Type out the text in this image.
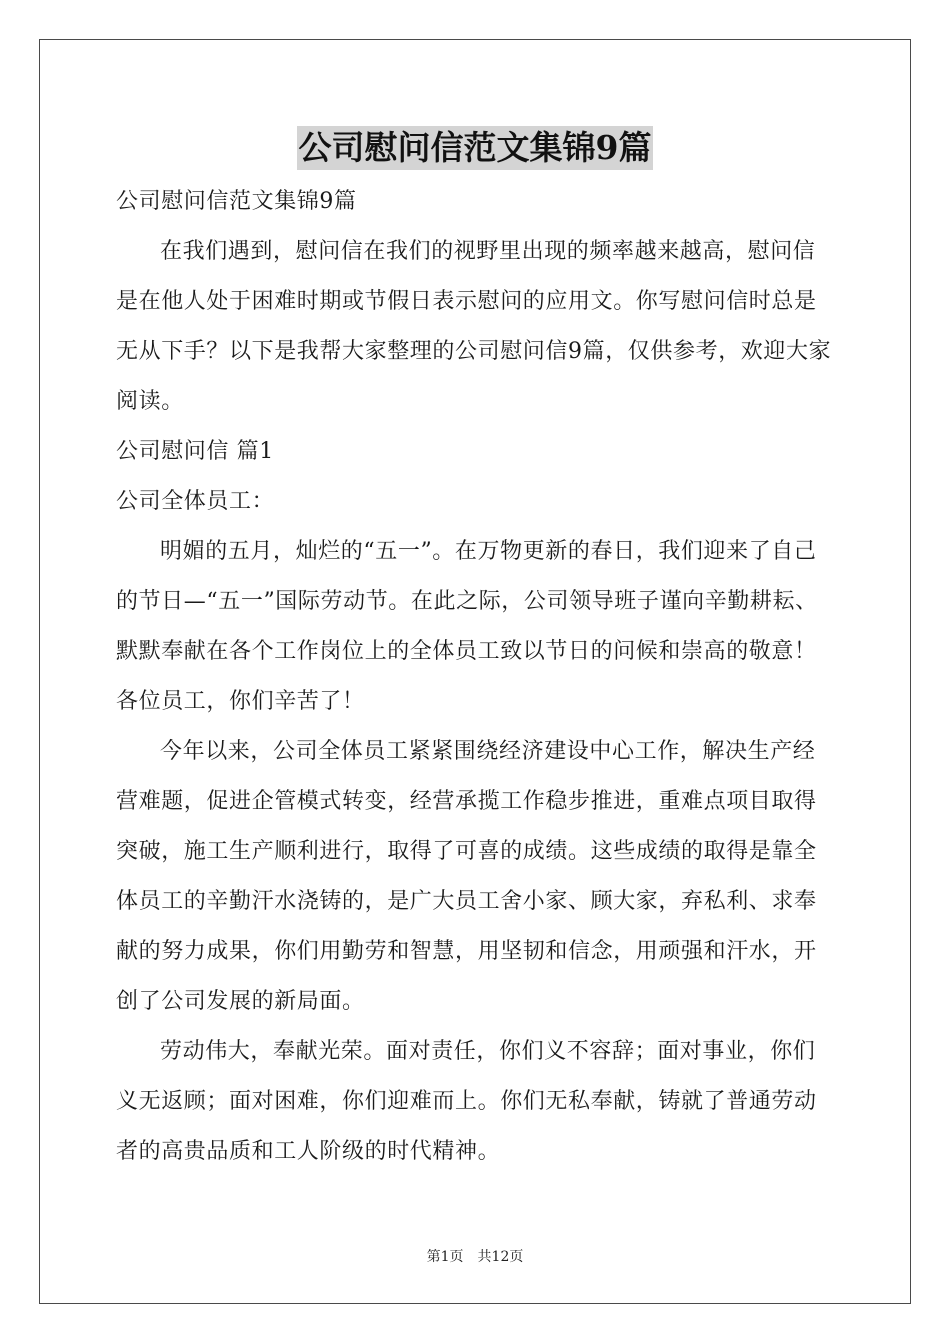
公司慰问信范文集锦9篇

公司慰问信范文集锦9篇

在我们遇到，慰问信在我们的视野里出现的频率越来越高，慰问信是在他人处于困难时期或节假日表示慰问的应用文。你写慰问信时总是无从下手？以下是我帮大家整理的公司慰问信9篇，仅供参考，欢迎大家阅读。

公司慰问信 篇1

公司全体员工：

明媚的五月，灿烂的“五一”。在万物更新的春日，我们迎来了自己的节日—“五一”国际劳动节。在此之际，公司领导班子谨向辛勤耕耘、默默奉献在各个工作岗位上的全体员工致以节日的问候和崇高的敬意！各位员工，你们辛苦了！

今年以来，公司全体员工紧紧围绕经济建设中心工作，解决生产经营难题，促进企管模式转变，经营承揽工作稳步推进，重难点项目取得突破，施工生产顺利进行，取得了可喜的成绩。这些成绩的取得是靠全体员工的辛勤汗水浇铸的，是广大员工舍小家、顾大家，弃私利、求奉献的努力成果，你们用勤劳和智慧，用坚韧和信念，用顽强和汗水，开创了公司发展的新局面。

劳动伟大，奉献光荣。面对责任，你们义不容辞；面对事业，你们义无返顾；面对困难，你们迎难而上。你们无私奉献，铸就了普通劳动者的高贵品质和工人阶级的时代精神。

第1页 共12页
